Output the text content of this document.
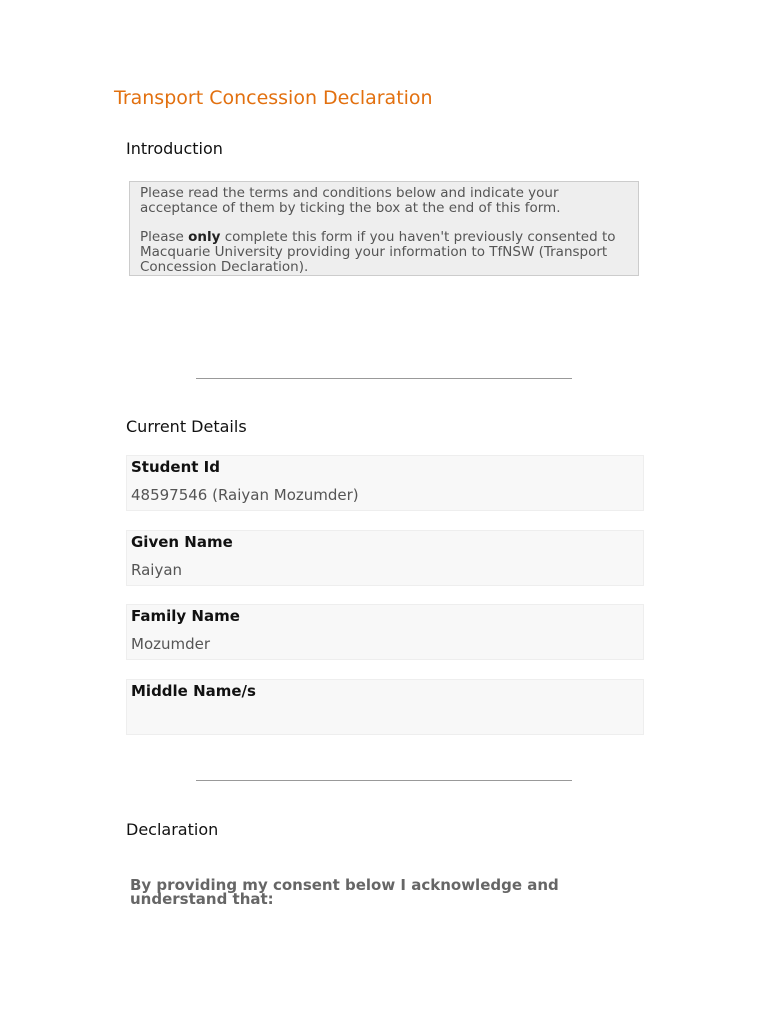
Transport Concession Declaration
Introduction

Please read the terms and conditions below and indicate your acceptance of them by ticking the box at the end of this form.

Please only complete this form if you haven't previously consented to Macquarie University providing your information to TfNSW (Transport Concession Declaration).

Current Details
Student Id
48597546 (Raiyan Mozumder)
Given Name
Raiyan
Family Name
Mozumder
Middle Name/s
Declaration
By providing my consent below I acknowledge and understand that:
